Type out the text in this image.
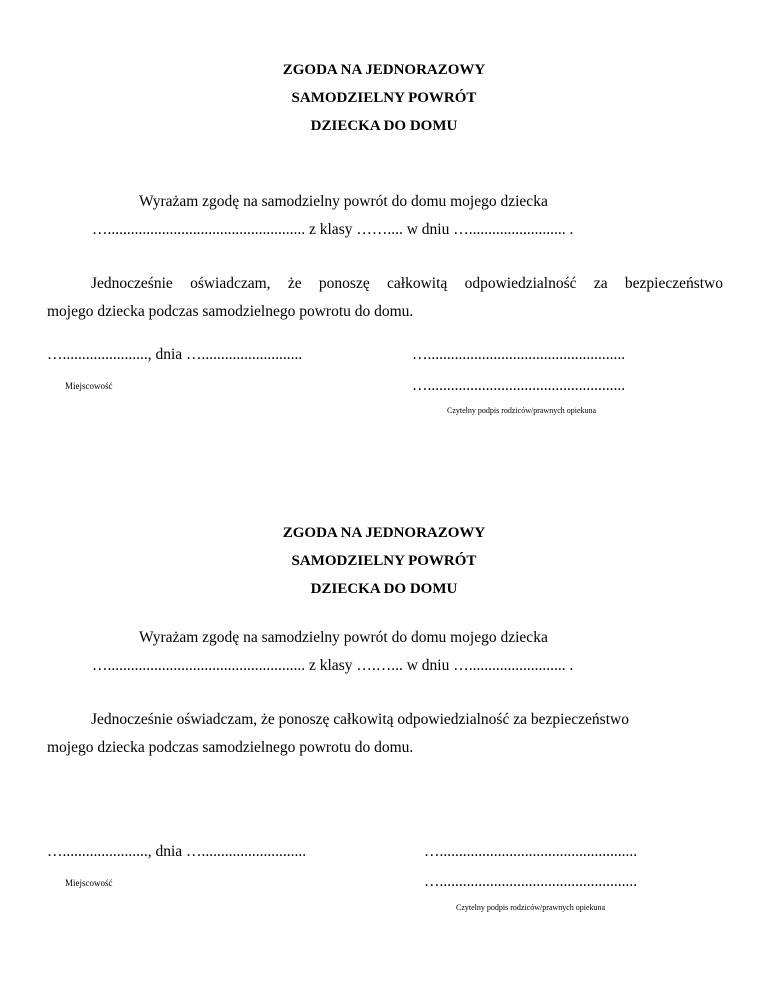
ZGODA NA JEDNORAZOWY
SAMODZIELNY POWRÓT
DZIECKA DO DOMU
Wyrażam zgodę na samodzielny powrót do domu mojego dziecka
…................................................... z klasy …….... w dniu …......................... .
Jednocześnie oświadczam, że ponoszę całkowitą odpowiedzialność za bezpieczeństwo
mojego dziecka podczas samodzielnego powrotu do domu.
…......................, dnia …..........................	…...................................................
Miejscowość	…...................................................
Czytelny podpis rodziców/prawnych opiekuna
ZGODA NA JEDNORAZOWY
SAMODZIELNY POWRÓT
DZIECKA DO DOMU
Wyrażam zgodę na samodzielny powrót do domu mojego dziecka
…................................................... z klasy ….…... w dniu …......................... .
Jednocześnie oświadczam, że ponoszę całkowitą odpowiedzialność za bezpieczeństwo
mojego dziecka podczas samodzielnego powrotu do domu.
…......................, dnia …...........................	…...................................................
Miejscowość	…...................................................
Czytelny podpis rodziców/prawnych opiekuna
